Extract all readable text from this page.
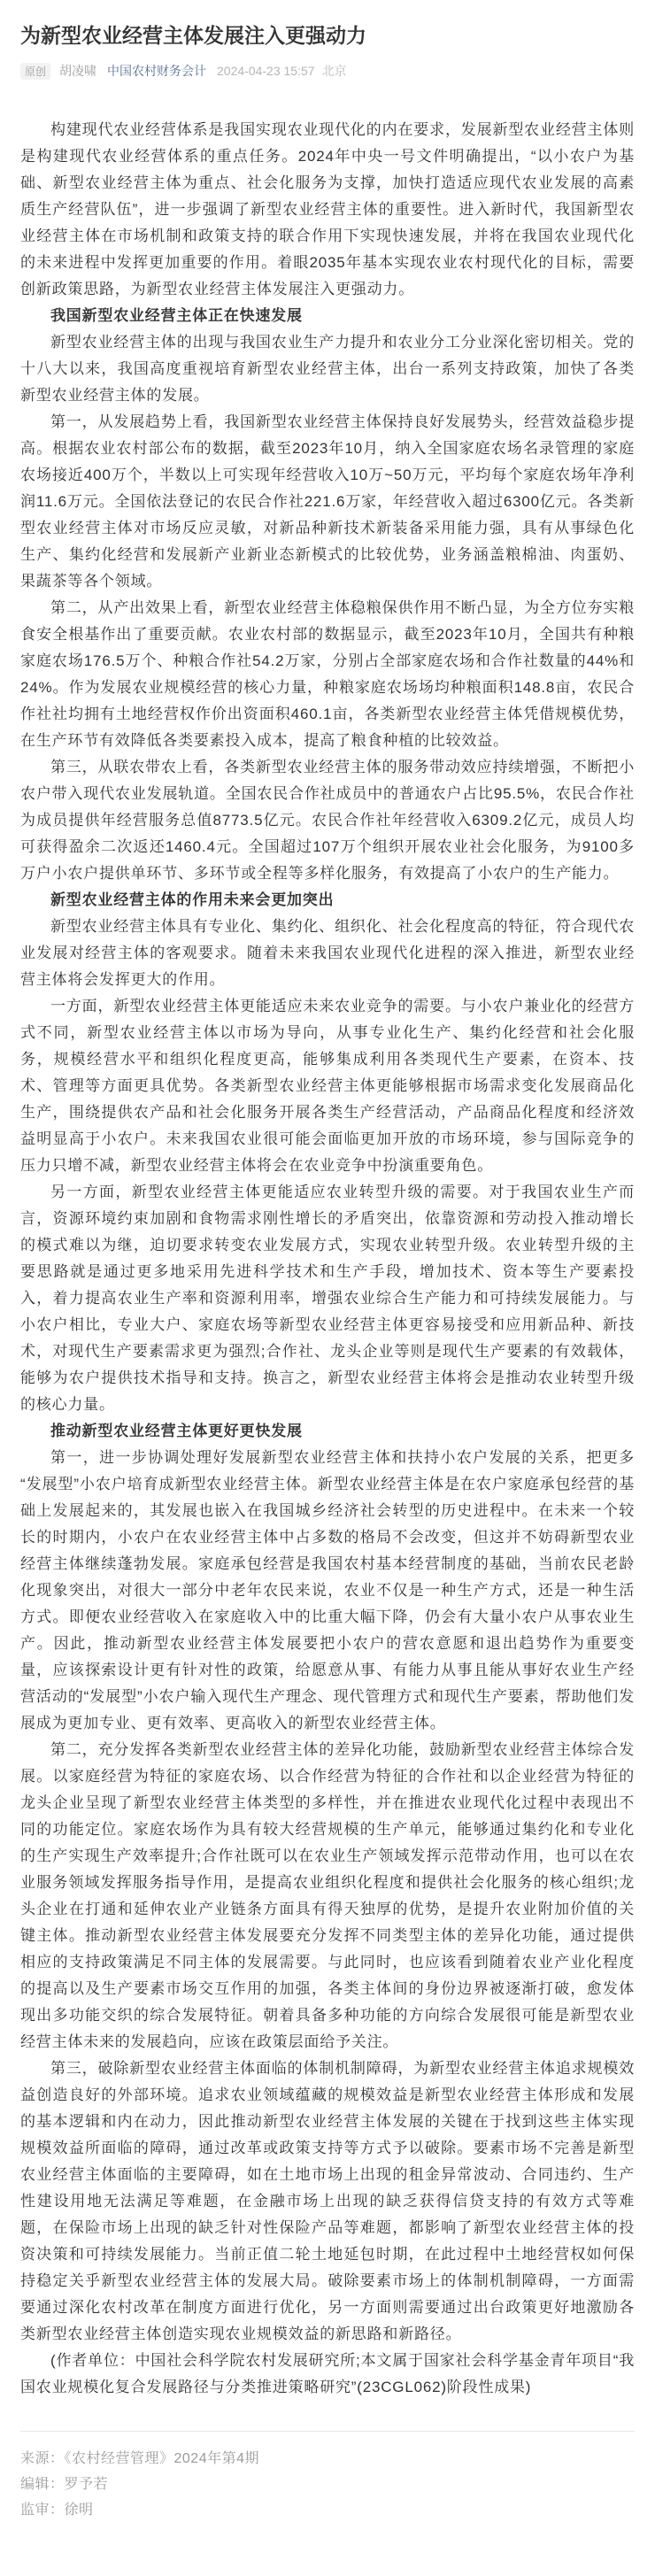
为新型农业经营主体发展注入更强动力
原创	胡凌啸 中国农村财务会计 2024-04-23 15:57 北京

构建现代农业经营体系是我国实现农业现代化的内在要求，发展新型农业经营主体则是构建现代农业经营体系的重点任务。2024年中央一号文件明确提出，“以小农户为基础、新型农业经营主体为重点、社会化服务为支撑，加快打造适应现代农业发展的高素质生产经营队伍”，进一步强调了新型农业经营主体的重要性。进入新时代，我国新型农业经营主体在市场机制和政策支持的联合作用下实现快速发展，并将在我国农业现代化的未来进程中发挥更加重要的作用。着眼2035年基本实现农业农村现代化的目标，需要创新政策思路，为新型农业经营主体发展注入更强动力。

我国新型农业经营主体正在快速发展

新型农业经营主体的出现与我国农业生产力提升和农业分工分业深化密切相关。党的十八大以来，我国高度重视培育新型农业经营主体，出台一系列支持政策，加快了各类新型农业经营主体的发展。

第一，从发展趋势上看，我国新型农业经营主体保持良好发展势头，经营效益稳步提高。根据农业农村部公布的数据，截至2023年10月，纳入全国家庭农场名录管理的家庭农场接近400万个，半数以上可实现年经营收入10万~50万元，平均每个家庭农场年净利润11.6万元。全国依法登记的农民合作社221.6万家，年经营收入超过6300亿元。各类新型农业经营主体对市场反应灵敏，对新品种新技术新装备采用能力强，具有从事绿色化生产、集约化经营和发展新产业新业态新模式的比较优势，业务涵盖粮棉油、肉蛋奶、果蔬茶等各个领域。

第二，从产出效果上看，新型农业经营主体稳粮保供作用不断凸显，为全方位夯实粮食安全根基作出了重要贡献。农业农村部的数据显示，截至2023年10月，全国共有种粮家庭农场176.5万个、种粮合作社54.2万家，分别占全部家庭农场和合作社数量的44%和24%。作为发展农业规模经营的核心力量，种粮家庭农场场均种粮面积148.8亩，农民合作社社均拥有土地经营权作价出资面积460.1亩，各类新型农业经营主体凭借规模优势，在生产环节有效降低各类要素投入成本，提高了粮食种植的比较效益。

第三，从联农带农上看，各类新型农业经营主体的服务带动效应持续增强，不断把小农户带入现代农业发展轨道。全国农民合作社成员中的普通农户占比95.5%，农民合作社为成员提供年经营服务总值8773.5亿元。农民合作社年经营收入6309.2亿元，成员人均可获得盈余二次返还1460.4元。全国超过107万个组织开展农业社会化服务，为9100多万户小农户提供单环节、多环节或全程等多样化服务，有效提高了小农户的生产能力。

新型农业经营主体的作用未来会更加突出

新型农业经营主体具有专业化、集约化、组织化、社会化程度高的特征，符合现代农业发展对经营主体的客观要求。随着未来我国农业现代化进程的深入推进，新型农业经营主体将会发挥更大的作用。

一方面，新型农业经营主体更能适应未来农业竞争的需要。与小农户兼业化的经营方式不同，新型农业经营主体以市场为导向，从事专业化生产、集约化经营和社会化服务，规模经营水平和组织化程度更高，能够集成利用各类现代生产要素，在资本、技术、管理等方面更具优势。各类新型农业经营主体更能够根据市场需求变化发展商品化生产，围绕提供农产品和社会化服务开展各类生产经营活动，产品商品化程度和经济效益明显高于小农户。未来我国农业很可能会面临更加开放的市场环境，参与国际竞争的压力只增不减，新型农业经营主体将会在农业竞争中扮演重要角色。

另一方面，新型农业经营主体更能适应农业转型升级的需要。对于我国农业生产而言，资源环境约束加剧和食物需求刚性增长的矛盾突出，依靠资源和劳动投入推动增长的模式难以为继，迫切要求转变农业发展方式，实现农业转型升级。农业转型升级的主要思路就是通过更多地采用先进科学技术和生产手段，增加技术、资本等生产要素投入，着力提高农业生产率和资源利用率，增强农业综合生产能力和可持续发展能力。与小农户相比，专业大户、家庭农场等新型农业经营主体更容易接受和应用新品种、新技术，对现代生产要素需求更为强烈;合作社、龙头企业等则是现代生产要素的有效载体，能够为农户提供技术指导和支持。换言之，新型农业经营主体将会是推动农业转型升级的核心力量。

推动新型农业经营主体更好更快发展

第一，进一步协调处理好发展新型农业经营主体和扶持小农户发展的关系，把更多“发展型”小农户培育成新型农业经营主体。新型农业经营主体是在农户家庭承包经营的基础上发展起来的，其发展也嵌入在我国城乡经济社会转型的历史进程中。在未来一个较长的时期内，小农户在农业经营主体中占多数的格局不会改变，但这并不妨碍新型农业经营主体继续蓬勃发展。家庭承包经营是我国农村基本经营制度的基础，当前农民老龄化现象突出，对很大一部分中老年农民来说，农业不仅是一种生产方式，还是一种生活方式。即便农业经营收入在家庭收入中的比重大幅下降，仍会有大量小农户从事农业生产。因此，推动新型农业经营主体发展要把小农户的营农意愿和退出趋势作为重要变量，应该探索设计更有针对性的政策，给愿意从事、有能力从事且能从事好农业生产经营活动的“发展型”小农户输入现代生产理念、现代管理方式和现代生产要素，帮助他们发展成为更加专业、更有效率、更高收入的新型农业经营主体。

第二，充分发挥各类新型农业经营主体的差异化功能，鼓励新型农业经营主体综合发展。以家庭经营为特征的家庭农场、以合作经营为特征的合作社和以企业经营为特征的龙头企业呈现了新型农业经营主体类型的多样性，并在推进农业现代化过程中表现出不同的功能定位。家庭农场作为具有较大经营规模的生产单元，能够通过集约化和专业化的生产实现生产效率提升;合作社既可以在农业生产领域发挥示范带动作用，也可以在农业服务领域发挥服务指导作用，是提高农业组织化程度和提供社会化服务的核心组织;龙头企业在打通和延伸农业产业链条方面具有得天独厚的优势，是提升农业附加价值的关键主体。推动新型农业经营主体发展要充分发挥不同类型主体的差异化功能，通过提供相应的支持政策满足不同主体的发展需要。与此同时，也应该看到随着农业产业化程度的提高以及生产要素市场交互作用的加强，各类主体间的身份边界被逐渐打破，愈发体现出多功能交织的综合发展特征。朝着具备多种功能的方向综合发展很可能是新型农业经营主体未来的发展趋向，应该在政策层面给予关注。

第三，破除新型农业经营主体面临的体制机制障碍，为新型农业经营主体追求规模效益创造良好的外部环境。追求农业领域蕴藏的规模效益是新型农业经营主体形成和发展的基本逻辑和内在动力，因此推动新型农业经营主体发展的关键在于找到这些主体实现规模效益所面临的障碍，通过改革或政策支持等方式予以破除。要素市场不完善是新型农业经营主体面临的主要障碍，如在土地市场上出现的租金异常波动、合同违约、生产性建设用地无法满足等难题，在金融市场上出现的缺乏获得信贷支持的有效方式等难题，在保险市场上出现的缺乏针对性保险产品等难题，都影响了新型农业经营主体的投资决策和可持续发展能力。当前正值二轮土地延包时期，在此过程中土地经营权如何保持稳定关乎新型农业经营主体的发展大局。破除要素市场上的体制机制障碍，一方面需要通过深化农村改革在制度方面进行优化，另一方面则需要通过出台政策更好地激励各类新型农业经营主体创造实现农业规模效益的新思路和新路径。

(作者单位：中国社会科学院农村发展研究所;本文属于国家社会科学基金青年项目“我国农业规模化复合发展路径与分类推进策略研究”(23CGL062)阶段性成果)

来源：《农村经营管理》2024年第4期
编辑：罗予若
监审：徐明
